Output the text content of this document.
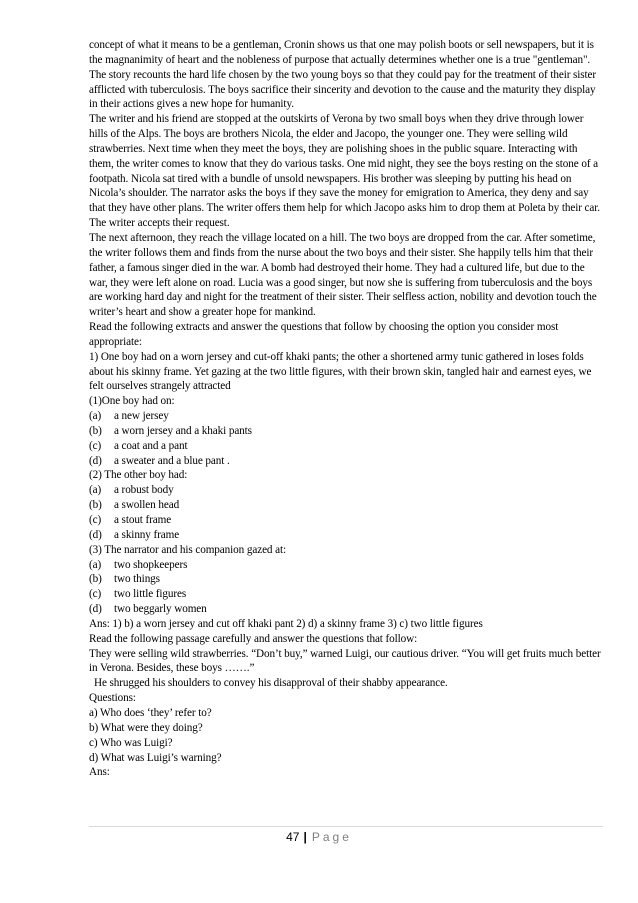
concept of what it means to be a gentleman, Cronin shows us that one may polish boots or sell newspapers, but it is the magnanimity of heart and the nobleness of purpose that actually determines whether one is a true "gentleman".

The story recounts the hard life chosen by the two young boys so that they could pay for the treatment of their sister afflicted with tuberculosis. The boys sacrifice their sincerity and devotion to the cause and the maturity they display in their actions gives a new hope for humanity.

The writer and his friend are stopped at the outskirts of Verona by two small boys when they drive through lower hills of the Alps. The boys are brothers Nicola, the elder and Jacopo, the younger one. They were selling wild strawberries. Next time when they meet the boys, they are polishing shoes in the public square. Interacting with them, the writer comes to know that they do various tasks. One mid night, they see the boys resting on the stone of a footpath. Nicola sat tired with a bundle of unsold newspapers. His brother was sleeping by putting his head on Nicola’s shoulder. The narrator asks the boys if they save the money for emigration to America, they deny and say that they have other plans. The writer offers them help for which Jacopo asks him to drop them at Poleta by their car. The writer accepts their request.

The next afternoon, they reach the village located on a hill. The two boys are dropped from the car. After sometime, the writer follows them and finds from the nurse about the two boys and their sister. She happily tells him that their father, a famous singer died in the war. A bomb had destroyed their home. They had a cultured life, but due to the war, they were left alone on road. Lucia was a good singer, but now she is suffering from tuberculosis and the boys are working hard day and night for the treatment of their sister. Their selfless action, nobility and devotion touch the writer’s heart and show a greater hope for mankind.

Read the following extracts and answer the questions that follow by choosing the option you consider most appropriate:

1) One boy had on a worn jersey and cut-off khaki pants; the other a shortened army tunic gathered in loses folds about his skinny frame. Yet gazing at the two little figures, with their brown skin, tangled hair and earnest eyes, we felt ourselves strangely attracted

(1)One boy had on:

(a)	a new jersey
(b)	a worn jersey and a khaki pants
(c)	a coat and a pant
(d)	a sweater and a blue pant .

(2) The other boy had:

(a)	a robust body
(b)	a swollen head
(c)	a stout frame
(d)	a skinny frame

(3) The narrator and his companion gazed at:

(a)	two shopkeepers
(b)	two things
(c)	two little figures
(d)	two beggarly women

Ans: 1) b) a worn jersey and cut off khaki pant 2) d) a skinny frame 3) c) two little figures

Read the following passage carefully and answer the questions that follow:

They were selling wild strawberries. “Don’t buy,” warned Luigi, our cautious driver. “You will get fruits much better in Verona. Besides, these boys …….”

He shrugged his shoulders to convey his disapproval of their shabby appearance.

Questions:

a) Who does ‘they’ refer to?

b) What were they doing?

c) Who was Luigi?

d) What was Luigi’s warning?

Ans:

47 | Page
